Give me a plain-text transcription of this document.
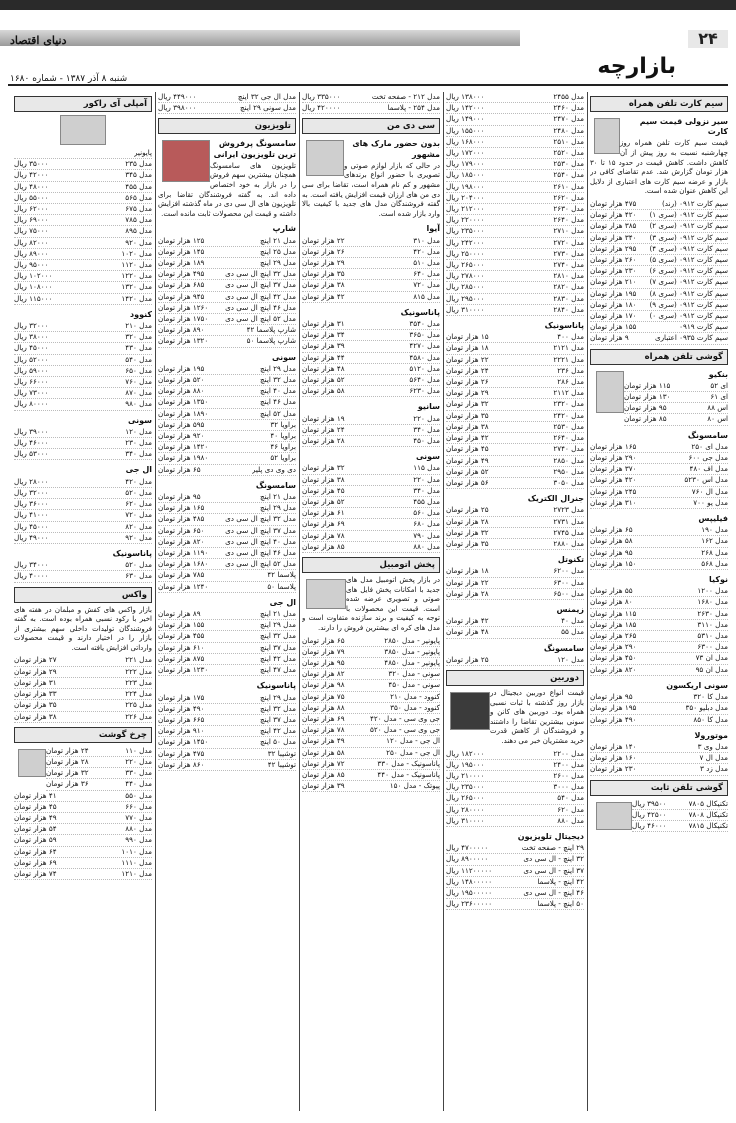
۲۴
دنیای اقتصاد
بازارچه
شنبه ۸ آذر ۱۳۸۷ - شماره ۱۶۸۰
سیم کارت تلفن همراه
سیر نزولی قیمت سیم کارت
قیمت سیم کارت تلفن همراه روز چهارشنبه نسبت به روز پیش از آن کاهش داشت. کاهش قیمت در حدود ۱۵ تا ۳۰ هزار تومان گزارش شد. عدم تقاضای کافی در بازار و عرضه سیم کارت های اعتباری از دلایل این کاهش عنوان شده است.
سیم کارت ۰۹۱۲ (رند)
۴۷۵ هزار تومان
سیم کارت ۰۹۱۲ (سری ۱)
۴۲۰ هزار تومان
سیم کارت ۰۹۱۲ (سری ۲)
۳۸۵ هزار تومان
سیم کارت ۰۹۱۲ (سری ۳)
۳۴۰ هزار تومان
سیم کارت ۰۹۱۲ (سری ۴)
۲۹۵ هزار تومان
سیم کارت ۰۹۱۲ (سری ۵)
۲۶۰ هزار تومان
سیم کارت ۰۹۱۲ (سری ۶)
۲۳۰ هزار تومان
سیم کارت ۰۹۱۲ (سری ۷)
۲۱۰ هزار تومان
سیم کارت ۰۹۱۲ (سری ۸)
۱۹۵ هزار تومان
سیم کارت ۰۹۱۲ (سری ۹)
۱۸۰ هزار تومان
سیم کارت ۰۹۱۲ (سری ۰)
۱۷۰ هزار تومان
سیم کارت ۰۹۱۹
۱۵۵ هزار تومان
سیم کارت ۰۹۳۵ اعتباری
۹ هزار تومان
گوشی تلفن همراه
بنکیو
ای ۵۲
۱۱۵ هزار تومان
ای ۶۱
۱۳۰ هزار تومان
اس ۸۸
۹۵ هزار تومان
اس ۸۰
۸۵ هزار تومان
سامسونگ
مدل ای ۲۵۰
۱۶۵ هزار تومان
مدل جی ۶۰۰
۲۹۰ هزار تومان
مدل اف ۴۸۰
۳۷۰ هزار تومان
مدل اس ۵۲۳۰
۴۲۰ هزار تومان
مدل ال ۷۶۰
۲۴۵ هزار تومان
مدل یو ۷۰۰
۳۱۰ هزار تومان
فیلیپس
مدل ۱۹۰
۶۵ هزار تومان
مدل ۱۶۲
۵۸ هزار تومان
مدل ۲۶۸
۹۵ هزار تومان
مدل ۵۶۸
۱۵۰ هزار تومان
نوکیا
مدل ۱۲۰۰
۵۵ هزار تومان
مدل ۱۶۸۰
۸۰ هزار تومان
مدل ۲۶۳۰
۱۱۵ هزار تومان
مدل ۳۱۱۰
۱۸۵ هزار تومان
مدل ۵۳۱۰
۲۶۵ هزار تومان
مدل ۶۳۰۰
۲۹۰ هزار تومان
مدل ان ۷۳
۴۵۰ هزار تومان
مدل ان ۹۵
۸۲۰ هزار تومان
سونی اریکسون
مدل کا ۳۲۰
۹۵ هزار تومان
مدل دبلیو ۳۵۰
۱۹۵ هزار تومان
مدل کا ۸۵۰
۴۹۰ هزار تومان
موتورولا
مدل وی ۳
۱۴۰ هزار تومان
مدل ال ۷
۱۶۰ هزار تومان
مدل زد ۳
۲۳۰ هزار تومان
گوشی تلفن ثابت
تکنیکال ۷۸۰۵
۳۹۵۰۰ ریال
تکنیکال ۷۸۰۸
۴۲۵۰۰ ریال
تکنیکال ۷۸۱۵
۴۶۰۰۰ ریال
مدل ۲۴۵۵
۱۳۸۰۰۰ ریال
مدل ۲۴۶۰
۱۴۲۰۰۰ ریال
مدل ۲۴۷۰
۱۴۹۰۰۰ ریال
مدل ۲۴۸۰
۱۵۵۰۰۰ ریال
مدل ۲۵۱۰
۱۶۸۰۰۰ ریال
مدل ۲۵۲۰
۱۷۲۰۰۰ ریال
مدل ۲۵۳۰
۱۷۹۰۰۰ ریال
مدل ۲۵۴۰
۱۸۵۰۰۰ ریال
مدل ۲۶۱۰
۱۹۸۰۰۰ ریال
مدل ۲۶۲۰
۲۰۴۰۰۰ ریال
مدل ۲۶۳۰
۲۱۲۰۰۰ ریال
مدل ۲۶۴۰
۲۲۰۰۰۰ ریال
مدل ۲۷۱۰
۲۳۵۰۰۰ ریال
مدل ۲۷۲۰
۲۴۲۰۰۰ ریال
مدل ۲۷۳۰
۲۵۰۰۰۰ ریال
مدل ۲۷۴۰
۲۶۵۰۰۰ ریال
مدل ۲۸۱۰
۲۷۸۰۰۰ ریال
مدل ۲۸۲۰
۲۸۵۰۰۰ ریال
مدل ۲۸۳۰
۲۹۵۰۰۰ ریال
مدل ۲۸۴۰
۳۱۰۰۰۰ ریال
پاناسونیک
مدل ۴۰۰
۱۵ هزار تومان
مدل ۲۱۲۱
۱۸ هزار تومان
مدل ۲۲۲۱
۲۲ هزار تومان
مدل ۲۳۶
۲۴ هزار تومان
مدل ۲۸۶
۲۶ هزار تومان
مدل ۲۱۱۲
۲۹ هزار تومان
مدل ۲۳۲۰
۳۲ هزار تومان
مدل ۲۴۲۰
۳۵ هزار تومان
مدل ۲۵۳۰
۳۸ هزار تومان
مدل ۲۶۴۰
۴۲ هزار تومان
مدل ۲۷۴۰
۴۵ هزار تومان
مدل ۲۸۵۰
۴۹ هزار تومان
مدل ۲۹۵۰
۵۲ هزار تومان
مدل ۳۰۵۰
۵۶ هزار تومان
جنرال الکتریک
مدل ۲۷۲۳
۲۵ هزار تومان
مدل ۲۷۳۱
۲۸ هزار تومان
مدل ۲۷۴۵
۳۲ هزار تومان
مدل ۲۸۸۰
۳۵ هزار تومان
تکنوتل
مدل ۶۲۰۰
۱۸ هزار تومان
مدل ۶۳۰۰
۲۲ هزار تومان
مدل ۶۵۰۰
۲۸ هزار تومان
زیمنس
مدل ۴۰
۴۲ هزار تومان
مدل ۵۵
۴۸ هزار تومان
سامسونگ
مدل ۱۲۰
۲۵ هزار تومان
دوربین
قیمت انواع دوربین دیجیتال در بازار روز گذشته با ثبات نسبی همراه بود. دوربین های کانن و سونی بیشترین تقاضا را داشتند و فروشندگان از کاهش قدرت خرید مشتریان خبر می دهند.
مدل ۲۲۰۰
۱۸۲۰۰۰ ریال
مدل ۲۴۰۰
۱۹۵۰۰۰ ریال
مدل ۲۶۰۰
۲۱۰۰۰۰ ریال
مدل ۳۰۰۰
۲۳۵۰۰۰ ریال
مدل ۵۴۰
۲۶۵۰۰۰ ریال
مدل ۶۲۰
۲۸۰۰۰۰ ریال
مدل ۸۸۰
۳۱۰۰۰۰ ریال
دیجیتال تلویزیون
۲۹ اینچ - صفحه تخت
۴۷۰۰۰۰۰ ریال
۳۲ اینچ - ال سی دی
۸۹۰۰۰۰۰ ریال
۳۷ اینچ - ال سی دی
۱۱۲۰۰۰۰۰ ریال
۴۲ اینچ - پلاسما
۱۴۸۰۰۰۰۰ ریال
۴۶ اینچ - ال سی دی
۱۹۵۰۰۰۰۰ ریال
۵۰ اینچ - پلاسما
۲۳۶۰۰۰۰۰ ریال
مدل ۲۱۲ - صفحه تخت
۳۳۵۰۰۰ ریال
مدل ۲۵۴ - پلاسما
۴۲۰۰۰۰ ریال
سی دی من
بدون حضور مارک های مشهور
در حالی که بازار لوازم صوتی و تصویری با حضور انواع برندهای مشهور و کم نام همراه است، تقاضا برای سی دی من های ارزان قیمت افزایش یافته است. به گفته فروشندگان مدل های جدید با کیفیت بالا وارد بازار شده است.
آیوا
مدل ۳۱۰
۲۲ هزار تومان
مدل ۴۲۰
۲۶ هزار تومان
مدل ۵۱۰
۲۹ هزار تومان
مدل ۶۴۰
۳۵ هزار تومان
مدل ۷۲۰
۳۸ هزار تومان
مدل ۸۱۵
۴۲ هزار تومان
پاناسونیک
مدل ۳۵۴۰
۳۱ هزار تومان
مدل ۳۶۵۰
۳۴ هزار تومان
مدل ۴۲۷۰
۳۹ هزار تومان
مدل ۴۵۸۰
۴۴ هزار تومان
مدل ۵۱۲۰
۴۸ هزار تومان
مدل ۵۶۴۰
۵۲ هزار تومان
مدل ۶۲۳۰
۵۸ هزار تومان
سانیو
مدل ۲۲۰
۱۹ هزار تومان
مدل ۳۴۰
۲۴ هزار تومان
مدل ۴۵۰
۲۸ هزار تومان
سونی
مدل ۱۱۵
۳۲ هزار تومان
مدل ۲۲۰
۳۸ هزار تومان
مدل ۳۴۰
۴۵ هزار تومان
مدل ۴۵۵
۵۲ هزار تومان
مدل ۵۶۰
۶۱ هزار تومان
مدل ۶۸۰
۶۹ هزار تومان
مدل ۷۹۰
۷۸ هزار تومان
مدل ۸۸۰
۸۵ هزار تومان
پخش اتومبیل
در بازار پخش اتومبیل مدل های جدید با امکانات پخش فایل های صوتی و تصویری عرضه شده است. قیمت این محصولات با توجه به کیفیت و برند سازنده متفاوت است و مدل های کره ای بیشترین فروش را دارند.
پایونیر - مدل ۲۸۵۰
۶۵ هزار تومان
پایونیر - مدل ۳۸۵۰
۷۹ هزار تومان
پایونیر - مدل ۴۸۵۰
۹۵ هزار تومان
سونی - مدل ۳۲۰
۸۲ هزار تومان
سونی - مدل ۴۵۰
۹۸ هزار تومان
کنوود - مدل ۲۱۰
۷۵ هزار تومان
کنوود - مدل ۳۵۰
۸۸ هزار تومان
جی وی سی - مدل ۴۲۰
۶۹ هزار تومان
جی وی سی - مدل ۵۲۰
۷۸ هزار تومان
ال جی - مدل ۱۲۰
۴۹ هزار تومان
ال جی - مدل ۲۵۰
۵۸ هزار تومان
پاناسونیک - مدل ۳۳۰
۷۲ هزار تومان
پاناسونیک - مدل ۴۴۰
۸۵ هزار تومان
پیوتک - مدل ۱۵۰
۳۹ هزار تومان
مدل ال جی ۳۲ اینچ
۴۴۹۰۰۰ ریال
مدل سونی ۲۹ اینچ
۳۹۸۰۰۰ ریال
تلویزیون
سامسونگ پرفروش ترین تلویزیون ایرانی
تلویزیون های سامسونگ همچنان بیشترین سهم فروش را در بازار به خود اختصاص داده اند. به گفته فروشندگان تقاضا برای تلویزیون های ال سی دی در ماه گذشته افزایش داشته و قیمت این محصولات ثابت مانده است.
شارپ
مدل ۲۱ اینچ
۱۲۵ هزار تومان
مدل ۲۵ اینچ
۱۴۵ هزار تومان
مدل ۲۹ اینچ
۱۸۹ هزار تومان
مدل ۳۲ اینچ ال سی دی
۴۹۵ هزار تومان
مدل ۳۷ اینچ ال سی دی
۶۸۵ هزار تومان
مدل ۴۲ اینچ ال سی دی
۹۴۵ هزار تومان
مدل ۴۶ اینچ ال سی دی
۱۲۶۰ هزار تومان
مدل ۵۲ اینچ ال سی دی
۱۷۵۰ هزار تومان
شارپ پلاسما ۴۲
۸۹۰ هزار تومان
شارپ پلاسما ۵۰
۱۳۲۰ هزار تومان
سونی
مدل ۲۹ اینچ
۱۹۵ هزار تومان
مدل ۳۲ اینچ
۵۲۰ هزار تومان
مدل ۴۰ اینچ
۸۸۰ هزار تومان
مدل ۴۶ اینچ
۱۳۵۰ هزار تومان
مدل ۵۲ اینچ
۱۸۹۰ هزار تومان
براویا ۳۲
۵۹۵ هزار تومان
براویا ۴۰
۹۲۰ هزار تومان
براویا ۴۶
۱۴۲۰ هزار تومان
براویا ۵۲
۱۹۸۰ هزار تومان
دی وی دی پلیر
۶۵ هزار تومان
سامسونگ
مدل ۲۱ اینچ
۹۵ هزار تومان
مدل ۲۹ اینچ
۱۶۵ هزار تومان
مدل ۳۲ اینچ ال سی دی
۴۸۵ هزار تومان
مدل ۳۷ اینچ ال سی دی
۶۵۰ هزار تومان
مدل ۴۰ اینچ ال سی دی
۸۲۰ هزار تومان
مدل ۴۶ اینچ ال سی دی
۱۱۹۰ هزار تومان
مدل ۵۲ اینچ ال سی دی
۱۶۸۰ هزار تومان
پلاسما ۴۲
۷۸۵ هزار تومان
پلاسما ۵۰
۱۲۴۰ هزار تومان
ال جی
مدل ۲۱ اینچ
۸۹ هزار تومان
مدل ۲۹ اینچ
۱۵۵ هزار تومان
مدل ۳۲ اینچ
۴۵۵ هزار تومان
مدل ۳۷ اینچ
۶۱۰ هزار تومان
مدل ۴۲ اینچ
۸۷۵ هزار تومان
مدل ۴۷ اینچ
۱۲۳۰ هزار تومان
پاناسونیک
مدل ۲۹ اینچ
۱۷۵ هزار تومان
مدل ۳۲ اینچ
۴۹۰ هزار تومان
مدل ۳۷ اینچ
۶۶۵ هزار تومان
مدل ۴۲ اینچ
۹۱۰ هزار تومان
مدل ۵۰ اینچ
۱۴۵۰ هزار تومان
توشیبا ۳۲
۴۷۵ هزار تومان
توشیبا ۴۲
۸۶۰ هزار تومان
آمپلی آی راکور
پایونیر
مدل ۲۳۵
۳۵۰۰۰ ریال
مدل ۳۴۵
۴۲۰۰۰ ریال
مدل ۴۵۵
۴۸۰۰۰ ریال
مدل ۵۶۵
۵۵۰۰۰ ریال
مدل ۶۷۵
۶۲۰۰۰ ریال
مدل ۷۸۵
۶۹۰۰۰ ریال
مدل ۸۹۵
۷۵۰۰۰ ریال
مدل ۹۲۰
۸۲۰۰۰ ریال
مدل ۱۰۲۰
۸۹۰۰۰ ریال
مدل ۱۱۲۰
۹۵۰۰۰ ریال
مدل ۱۲۲۰
۱۰۲۰۰۰ ریال
مدل ۱۳۲۰
۱۰۸۰۰۰ ریال
مدل ۱۴۲۰
۱۱۵۰۰۰ ریال
کنوود
مدل ۲۱۰
۳۲۰۰۰ ریال
مدل ۳۲۰
۳۸۰۰۰ ریال
مدل ۴۳۰
۴۵۰۰۰ ریال
مدل ۵۴۰
۵۲۰۰۰ ریال
مدل ۶۵۰
۵۹۰۰۰ ریال
مدل ۷۶۰
۶۶۰۰۰ ریال
مدل ۸۷۰
۷۳۰۰۰ ریال
مدل ۹۸۰
۸۰۰۰۰ ریال
سونی
مدل ۱۲۰
۳۹۰۰۰ ریال
مدل ۲۳۰
۴۶۰۰۰ ریال
مدل ۳۴۰
۵۳۰۰۰ ریال
ال جی
مدل ۴۲۰
۲۸۰۰۰ ریال
مدل ۵۲۰
۳۲۰۰۰ ریال
مدل ۶۲۰
۳۶۰۰۰ ریال
مدل ۷۲۰
۴۱۰۰۰ ریال
مدل ۸۲۰
۴۵۰۰۰ ریال
مدل ۹۲۰
۴۹۰۰۰ ریال
پاناسونیک
مدل ۵۲۰
۳۴۰۰۰ ریال
مدل ۶۳۰
۴۰۰۰۰ ریال
واکس
بازار واکس های کفش و مبلمان در هفته های اخیر با رکود نسبی همراه بوده است. به گفته فروشندگان تولیدات داخلی سهم بیشتری از بازار را در اختیار دارند و قیمت محصولات وارداتی افزایش یافته است.
مدل ۲۲۱
۲۷ هزار تومان
مدل ۲۲۲
۲۹ هزار تومان
مدل ۲۲۳
۳۱ هزار تومان
مدل ۲۲۴
۳۳ هزار تومان
مدل ۲۲۵
۳۵ هزار تومان
مدل ۲۲۶
۳۸ هزار تومان
چرخ گوشت
مدل ۱۱۰
۲۴ هزار تومان
مدل ۲۲۰
۲۸ هزار تومان
مدل ۳۳۰
۳۲ هزار تومان
مدل ۴۴۰
۳۶ هزار تومان
مدل ۵۵۰
۴۱ هزار تومان
مدل ۶۶۰
۴۵ هزار تومان
مدل ۷۷۰
۴۹ هزار تومان
مدل ۸۸۰
۵۴ هزار تومان
مدل ۹۹۰
۵۹ هزار تومان
مدل ۱۰۱۰
۶۴ هزار تومان
مدل ۱۱۱۰
۶۹ هزار تومان
مدل ۱۲۱۰
۷۴ هزار تومان
